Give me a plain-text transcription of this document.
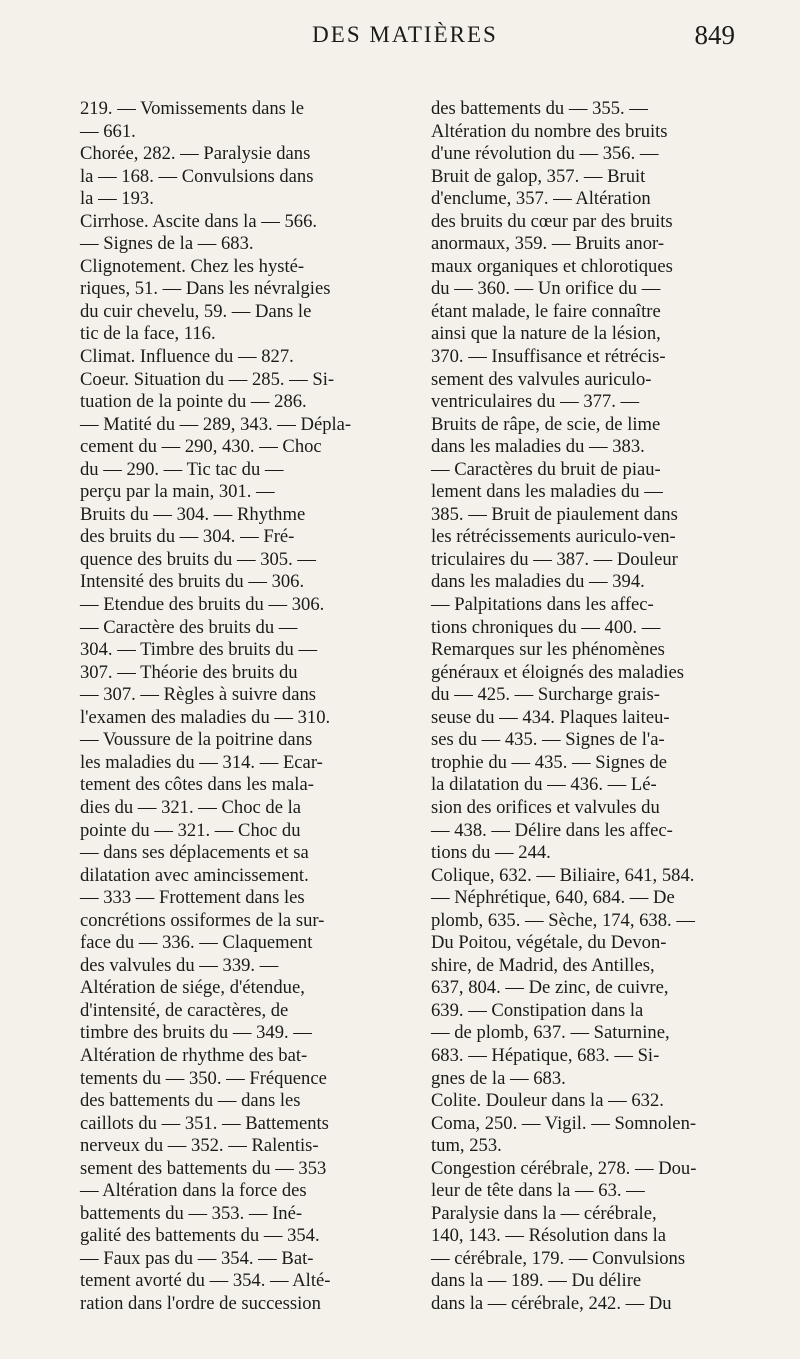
DES MATIÈRES	849
219. — Vomissements dans le
— 661.
Chorée, 282. — Paralysie dans
la — 168. — Convulsions dans
la — 193.
Cirrhose. Ascite dans la — 566.
— Signes de la — 683.
Clignotement. Chez les hysté-
riques, 51. — Dans les névralgies
du cuir chevelu, 59. — Dans le
tic de la face, 116.
Climat. Influence du — 827.
Coeur. Situation du — 285. — Si-
tuation de la pointe du — 286.
— Matité du — 289, 343. — Dépla-
cement du — 290, 430. — Choc
du — 290. — Tic tac du —
perçu par la main, 301. —
Bruits du — 304. — Rhythme
des bruits du — 304. — Fré-
quence des bruits du — 305. —
Intensité des bruits du — 306.
— Etendue des bruits du — 306.
— Caractère des bruits du —
304. — Timbre des bruits du —
307. — Théorie des bruits du
— 307. — Règles à suivre dans
l'examen des maladies du — 310.
— Voussure de la poitrine dans
les maladies du — 314. — Ecar-
tement des côtes dans les mala-
dies du — 321. — Choc de la
pointe du — 321. — Choc du
— dans ses déplacements et sa
dilatation avec amincissement.
— 333 — Frottement dans les
concrétions ossiformes de la sur-
face du — 336. — Claquement
des valvules du — 339. —
Altération de siége, d'étendue,
d'intensité, de caractères, de
timbre des bruits du — 349. —
Altération de rhythme des bat-
tements du — 350. — Fréquence
des battements du — dans les
caillots du — 351. — Battements
nerveux du — 352. — Ralentis-
sement des battements du — 353
— Altération dans la force des
battements du — 353. — Iné-
galité des battements du — 354.
— Faux pas du — 354. — Bat-
tement avorté du — 354. — Alté-
ration dans l'ordre de succession
des battements du — 355. —
Altération du nombre des bruits
d'une révolution du — 356. —
Bruit de galop, 357. — Bruit
d'enclume, 357. — Altération
des bruits du cœur par des bruits
anormaux, 359. — Bruits anor-
maux organiques et chlorotiques
du — 360. — Un orifice du —
étant malade, le faire connaître
ainsi que la nature de la lésion,
370. — Insuffisance et rétrécis-
sement des valvules auriculo-
ventriculaires du — 377. —
Bruits de râpe, de scie, de lime
dans les maladies du — 383.
— Caractères du bruit de piau-
lement dans les maladies du —
385. — Bruit de piaulement dans
les rétrécissements auriculo-ven-
triculaires du — 387. — Douleur
dans les maladies du — 394.
— Palpitations dans les affec-
tions chroniques du — 400. —
Remarques sur les phénomènes
généraux et éloignés des maladies
du — 425. — Surcharge grais-
seuse du — 434. Plaques laiteu-
ses du — 435. — Signes de l'a-
trophie du — 435. — Signes de
la dilatation du — 436. — Lé-
sion des orifices et valvules du
— 438. — Délire dans les affec-
tions du — 244.
Colique, 632. — Biliaire, 641, 584.
— Néphrétique, 640, 684. — De
plomb, 635. — Sèche, 174, 638. —
Du Poitou, végétale, du Devon-
shire, de Madrid, des Antilles,
637, 804. — De zinc, de cuivre,
639. — Constipation dans la
— de plomb, 637. — Saturnine,
683. — Hépatique, 683. — Si-
gnes de la — 683.
Colite. Douleur dans la — 632.
Coma, 250. — Vigil. — Somnolen-
tum, 253.
Congestion cérébrale, 278. — Dou-
leur de tête dans la — 63. —
Paralysie dans la — cérébrale,
140, 143. — Résolution dans la
— cérébrale, 179. — Convulsions
dans la — 189. — Du délire
dans la — cérébrale, 242. — Du
